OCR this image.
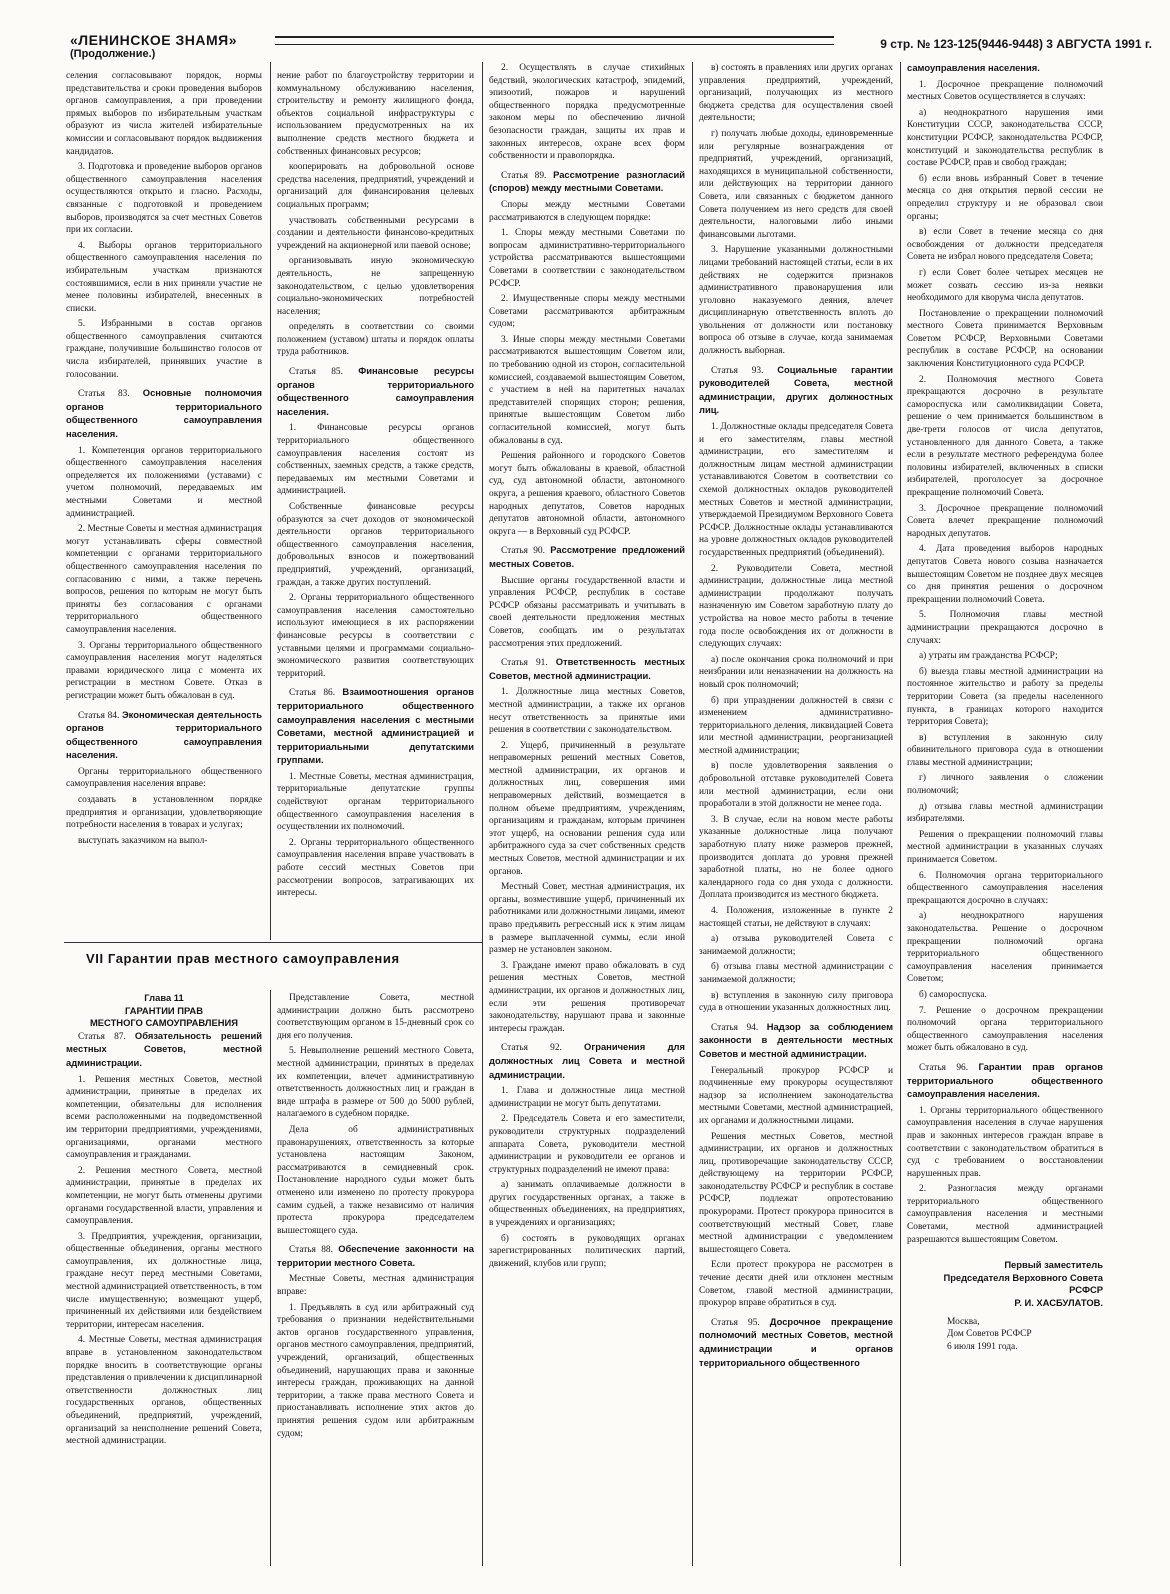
«ЛЕНИНСКОЕ ЗНАМЯ»
(Продолжение.)
9 стр. № 123-125(9446-9448) 3 АВГУСТА 1991 г.

селения согласовывают порядок, нормы представительства и сроки проведения выборов органов самоуправления, а при проведении прямых выборов по избирательным участкам образуют из числа жителей избирательные комиссии и согласовывают порядок выдвижения кандидатов.

3. Подготовка и проведение выборов органов общественного самоуправления населения осуществляются открыто и гласно. Расходы, связанные с подготовкой и проведением выборов, производятся за счет местных Советов при их согласии.

4. Выборы органов территориального общественного самоуправления населения по избирательным участкам признаются состоявшимися, если в них приняли участие не менее половины избирателей, внесенных в списки.

5. Избранными в состав органов общественного самоуправления считаются граждане, получившие большинство голосов от числа избирателей, принявших участие в голосовании.

Статья 83. Основные полномочия органов территориального общественного самоуправления населения.

1. Компетенция органов территориального общественного самоуправления населения определяется их положениями (уставами) с учетом полномочий, передаваемых им местными Советами и местной администрацией.

2. Местные Советы и местная администрация могут устанавливать сферы совместной компетенции с органами территориального общественного самоуправления населения по согласованию с ними, а также перечень вопросов, решения по которым не могут быть приняты без согласования с органами территориального общественного самоуправления населения.

3. Органы территориального общественного самоуправления населения могут наделяться правами юридического лица с момента их регистрации в местном Совете. Отказ в регистрации может быть обжалован в суд.

Статья 84. Экономическая деятельность органов территориального общественного самоуправления населения.

Органы территориального общественного самоуправления населения вправе:

создавать в установленном порядке предприятия и организации, удовлетворяющие потребности населения в товарах и услугах;

выступать заказчиком на выпол-

нение работ по благоустройству территории и коммунальному обслуживанию населения, строительству и ремонту жилищного фонда, объектов социальной инфраструктуры с использованием предусмотренных на их выполнение средств местного бюджета и собственных финансовых ресурсов;

кооперировать на добровольной основе средства населения, предприятий, учреждений и организаций для финансирования целевых социальных программ;

участвовать собственными ресурсами в создании и деятельности финансово-кредитных учреждений на акционерной или паевой основе;

организовывать иную экономическую деятельность, не запрещенную законодательством, с целью удовлетворения социально-экономических потребностей населения;

определять в соответствии со своими положением (уставом) штаты и порядок оплаты труда работников.

Статья 85. Финансовые ресурсы органов территориального общественного самоуправления населения.

1. Финансовые ресурсы органов территориального общественного самоуправления населения состоят из собственных, заемных средств, а также средств, передаваемых им местными Советами и администрацией.

Собственные финансовые ресурсы образуются за счет доходов от экономической деятельности органов территориального общественного самоуправления населения, добровольных взносов и пожертвований предприятий, учреждений, организаций, граждан, а также других поступлений.

2. Органы территориального общественного самоуправления населения самостоятельно используют имеющиеся в их распоряжении финансовые ресурсы в соответствии с уставными целями и программами социально-экономического развития соответствующих территорий.

Статья 86. Взаимоотношения органов территориального общественного самоуправления населения с местными Советами, местной администрацией и территориальными депутатскими группами.

1. Местные Советы, местная администрация, территориальные депутатские группы содействуют органам территориального общественного самоуправления населения в осуществлении их полномочий.

2. Органы территориального общественного самоуправления населения вправе участвовать в работе сессий местных Советов при рассмотрении вопросов, затрагивающих их интересы.

VII Гарантии прав местного самоуправления

Глава 11

ГАРАНТИИ ПРАВ

МЕСТНОГО САМОУПРАВЛЕНИЯ

Статья 87. Обязательность решений местных Советов, местной администрации.

1. Решения местных Советов, местной администрации, принятые в пределах их компетенции, обязательны для исполнения всеми расположенными на подведомственной им территории предприятиями, учреждениями, организациями, органами местного самоуправления и гражданами.

2. Решения местного Совета, местной администрации, принятые в пределах их компетенции, не могут быть отменены другими органами государственной власти, управления и самоуправления.

3. Предприятия, учреждения, организации, общественные объединения, органы местного самоуправления, их должностные лица, граждане несут перед местными Советами, местной администрацией ответственность, в том числе имущественную; возмещают ущерб, причиненный их действиями или бездействием территории, интересам населения.

4. Местные Советы, местная администрация вправе в установленном законодательством порядке вносить в соответствующие органы представления о привлечении к дисциплинарной ответственности должностных лиц государственных органов, общественных объединений, предприятий, учреждений, организаций за неисполнение решений Совета, местной администрации.

Представление Совета, местной администрации должно быть рассмотрено соответствующим органом в 15-дневный срок со дня его получения.

5. Невыполнение решений местного Совета, местной администрации, принятых в пределах их компетенции, влечет административную ответственность должностных лиц и граждан в виде штрафа в размере от 500 до 5000 рублей, налагаемого в судебном порядке.

Дела об административных правонарушениях, ответственность за которые установлена настоящим Законом, рассматриваются в семидневный срок. Постановление народного судьи может быть отменено или изменено по протесту прокурора самим судьей, а также независимо от наличия протеста прокурора председателем вышестоящего суда.

Статья 88. Обеспечение законности на территории местного Совета.

Местные Советы, местная администрация вправе:

1. Предъявлять в суд или арбитражный суд требования о признании недействительными актов органов государственного управления, органов местного самоуправления, предприятий, учреждений, организаций, общественных объединений, нарушающих права и законные интересы граждан, проживающих на данной территории, а также права местного Совета и приостанавливать исполнение этих актов до принятия решения судом или арбитражным судом;

2. Осуществлять в случае стихийных бедствий, экологических катастроф, эпидемий, эпизоотий, пожаров и нарушений общественного порядка предусмотренные законом меры по обеспечению личной безопасности граждан, защиты их прав и законных интересов, охране всех форм собственности и правопорядка.

Статья 89. Рассмотрение разногласий (споров) между местными Советами.

Споры между местными Советами рассматриваются в следующем порядке:

1. Споры между местными Советами по вопросам административно-территориального устройства рассматриваются вышестоящими Советами в соответствии с законодательством РСФСР.

2. Имущественные споры между местными Советами рассматриваются арбитражным судом;

3. Иные споры между местными Советами рассматриваются вышестоящим Советом или, по требованию одной из сторон, согласительной комиссией, создаваемой вышестоящим Советом, с участием в ней на паритетных началах представителей спорящих сторон; решения, принятые вышестоящим Советом либо согласительной комиссией, могут быть обжалованы в суд.

Решения районного и городского Советов могут быть обжалованы в краевой, областной суд, суд автономной области, автономного округа, а решения краевого, областного Советов народных депутатов, Советов народных депутатов автономной области, автономного округа — в Верховный суд РСФСР.

Статья 90. Рассмотрение предложений местных Советов.

Высшие органы государственной власти и управления РСФСР, республик в составе РСФСР обязаны рассматривать и учитывать в своей деятельности предложения местных Советов, сообщать им о результатах рассмотрения этих предложений.

Статья 91. Ответственность местных Советов, местной администрации.

1. Должностные лица местных Советов, местной администрации, а также их органов несут ответственность за принятые ими решения в соответствии с законодательством.

2. Ущерб, причиненный в результате неправомерных решений местных Советов, местной администрации, их органов и должностных лиц, совершения ими неправомерных действий, возмещается в полном объеме предприятиям, учреждениям, организациям и гражданам, которым причинен этот ущерб, на основании решения суда или арбитражного суда за счет собственных средств местных Советов, местной администрации и их органов.

Местный Совет, местная администрация, их органы, возместившие ущерб, причиненный их работниками или должностными лицами, имеют право предъявить регрессный иск к этим лицам в размере выплаченной суммы, если иной размер не установлен законом.

3. Граждане имеют право обжаловать в суд решения местных Советов, местной администрации, их органов и должностных лиц, если эти решения противоречат законодательству, нарушают права и законные интересы граждан.

Статья 92. Ограничения для должностных лиц Совета и местной администрации.

1. Глава и должностные лица местной администрации не могут быть депутатами.

2. Председатель Совета и его заместители, руководители структурных подразделений аппарата Совета, руководители местной администрации и руководители ее органов и структурных подразделений не имеют права:

а) занимать оплачиваемые должности в других государственных органах, а также в общественных объединениях, на предприятиях, в учреждениях и организациях;

б) состоять в руководящих органах зарегистрированных политических партий, движений, клубов или групп;

в) состоять в правлениях или других органах управления предприятий, учреждений, организаций, получающих из местного бюджета средства для осуществления своей деятельности;

г) получать любые доходы, единовременные или регулярные вознаграждения от предприятий, учреждений, организаций, находящихся в муниципальной собственности, или действующих на территории данного Совета, или связанных с бюджетом данного Совета получением из него средств для своей деятельности, налоговыми либо иными финансовыми льготами.

3. Нарушение указанными должностными лицами требований настоящей статьи, если в их действиях не содержится признаков административного правонарушения или уголовно наказуемого деяния, влечет дисциплинарную ответственность вплоть до увольнения от должности или постановку вопроса об отзыве в случае, когда занимаемая должность выборная.

Статья 93. Социальные гарантии руководителей Совета, местной администрации, других должностных лиц.

1. Должностные оклады председателя Совета и его заместителям, главы местной администрации, его заместителям и должностным лицам местной администрации устанавливаются Советом в соответствии со схемой должностных окладов руководителей местных Советов и местной администрации, утверждаемой Президиумом Верховного Совета РСФСР. Должностные оклады устанавливаются на уровне должностных окладов руководителей государственных предприятий (объединений).

2. Руководители Совета, местной администрации, должностные лица местной администрации продолжают получать назначенную им Советом заработную плату до устройства на новое место работы в течение года после освобождения их от должности в следующих случаях:

а) после окончания срока полномочий и при неизбрании или неназначении на должность на новый срок полномочий;

б) при упразднении должностей в связи с изменением административно-территориального деления, ликвидацией Совета или местной администрации, реорганизацией местной администрации;

в) после удовлетворения заявления о добровольной отставке руководителей Совета или местной администрации, если они проработали в этой должности не менее года.

3. В случае, если на новом месте работы указанные должностные лица получают заработную плату ниже размеров прежней, производится доплата до уровня прежней заработной платы, но не более одного календарного года со дня ухода с должности. Доплата производится из местного бюджета.

4. Положения, изложенные в пункте 2 настоящей статьи, не действуют в случаях:

а) отзыва руководителей Совета с занимаемой должности;

б) отзыва главы местной администрации с занимаемой должности;

в) вступления в законную силу приговора суда в отношении указанных должностных лиц.

Статья 94. Надзор за соблюдением законности в деятельности местных Советов и местной администрации.

Генеральный прокурор РСФСР и подчиненные ему прокуроры осуществляют надзор за исполнением законодательства местными Советами, местной администрацией, их органами и должностными лицами.

Решения местных Советов, местной администрации, их органов и должностных лиц, противоречащие законодательству СССР, действующему на территории РСФСР, законодательству РСФСР и республик в составе РСФСР, подлежат опротестованию прокурорами. Протест прокурора приносится в соответствующий местный Совет, главе местной администрации с уведомлением вышестоящего Совета.

Если протест прокурора не рассмотрен в течение десяти дней или отклонен местным Советом, главой местной администрации, прокурор вправе обратиться в суд.

Статья 95. Досрочное прекращение полномочий местных Советов, местной администрации и органов территориального общественного

самоуправления населения.

1. Досрочное прекращение полномочий местных Советов осуществляется в случаях:

а) неоднократного нарушения ими Конституции СССР, законодательства СССР, конституции РСФСР, законодательства РСФСР, конституций и законодательства республик в составе РСФСР, прав и свобод граждан;

б) если вновь избранный Совет в течение месяца со дня открытия первой сессии не определил структуру и не образовал свои органы;

в) если Совет в течение месяца со дня освобождения от должности председателя Совета не избрал нового председателя Совета;

г) если Совет более четырех месяцев не может созвать сессию из-за неявки необходимого для кворума числа депутатов.

Постановление о прекращении полномочий местного Совета принимается Верховным Советом РСФСР, Верховными Советами республик в составе РСФСР, на основании заключения Конституционного суда РСФСР.

2. Полномочия местного Совета прекращаются досрочно в результате самороспуска или самоликвидации Совета, решение о чем принимается большинством в две-трети голосов от числа депутатов, установленного для данного Совета, а также если в результате местного референдума более половины избирателей, включенных в списки избирателей, проголосует за досрочное прекращение полномочий Совета.

3. Досрочное прекращение полномочий Совета влечет прекращение полномочий народных депутатов.

4. Дата проведения выборов народных депутатов Совета нового созыва назначается вышестоящим Советом не позднее двух месяцев со дня принятия решения о досрочном прекращении полномочий Совета.

5. Полномочия главы местной администрации прекращаются досрочно в случаях:

а) утраты им гражданства РСФСР;

б) выезда главы местной администрации на постоянное жительство и работу за пределы территории Совета (за пределы населенного пункта, в границах которого находится территория Совета);

в) вступления в законную силу обвинительного приговора суда в отношении главы местной администрации;

г) личного заявления о сложении полномочий;

д) отзыва главы местной администрации избирателями.

Решения о прекращении полномочий главы местной администрации в указанных случаях принимается Советом.

6. Полномочия органа территориального общественного самоуправления населения прекращаются досрочно в случаях:

а) неоднократного нарушения законодательства. Решение о досрочном прекращении полномочий органа территориального общественного самоуправления населения принимается Советом;

б) самороспуска.

7. Решение о досрочном прекращении полномочий органа территориального общественного самоуправления населения может быть обжаловано в суд.

Статья 96. Гарантии прав органов территориального общественного самоуправления населения.

1. Органы территориального общественного самоуправления населения в случае нарушения прав и законных интересов граждан вправе в соответствии с законодательством обратиться в суд с требованием о восстановлении нарушенных прав.

2. Разногласия между органами территориального общественного самоуправления населения и местными Советами, местной администрацией разрешаются вышестоящим Советом.

Первый заместитель

Председателя Верховного Совета

РСФСР

Р. И. ХАСБУЛАТОВ.

Москва,

Дом Советов РСФСР

6 июля 1991 года.
